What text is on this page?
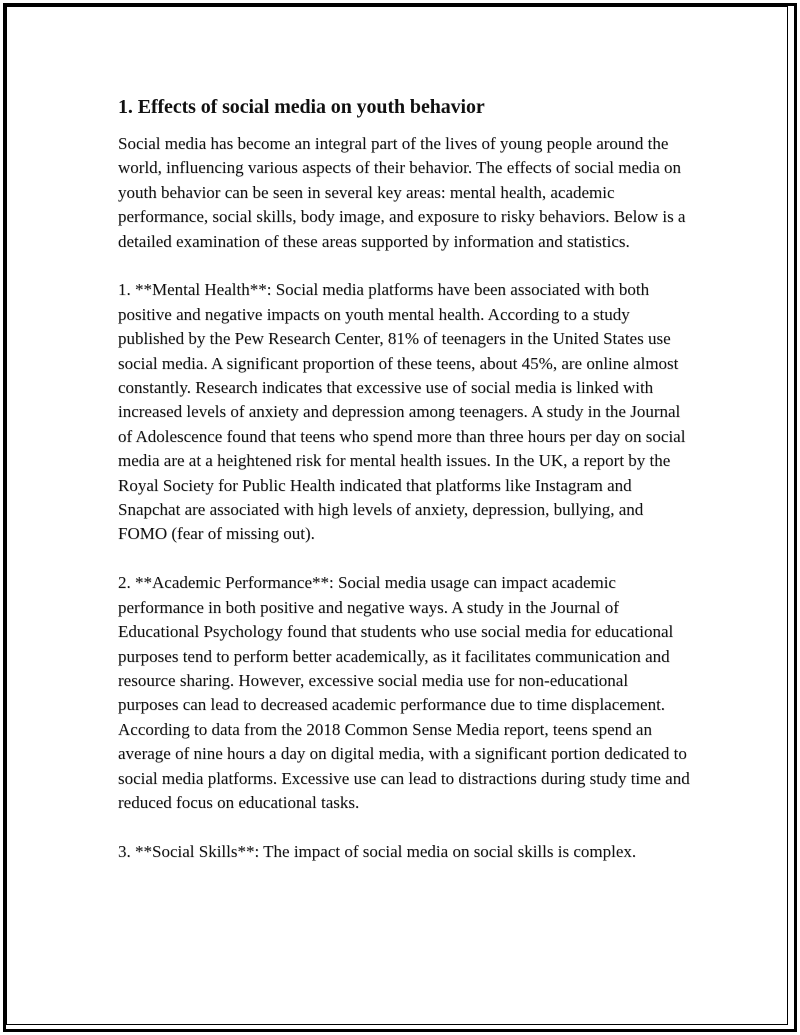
1. Effects of social media on youth behavior

Social media has become an integral part of the lives of young people around the world, influencing various aspects of their behavior. The effects of social media on youth behavior can be seen in several key areas: mental health, academic performance, social skills, body image, and exposure to risky behaviors. Below is a detailed examination of these areas supported by information and statistics.

1. **Mental Health**: Social media platforms have been associated with both positive and negative impacts on youth mental health. According to a study published by the Pew Research Center, 81% of teenagers in the United States use social media. A significant proportion of these teens, about 45%, are online almost constantly. Research indicates that excessive use of social media is linked with increased levels of anxiety and depression among teenagers. A study in the Journal of Adolescence found that teens who spend more than three hours per day on social media are at a heightened risk for mental health issues. In the UK, a report by the Royal Society for Public Health indicated that platforms like Instagram and Snapchat are associated with high levels of anxiety, depression, bullying, and FOMO (fear of missing out).

2. **Academic Performance**: Social media usage can impact academic performance in both positive and negative ways. A study in the Journal of Educational Psychology found that students who use social media for educational purposes tend to perform better academically, as it facilitates communication and resource sharing. However, excessive social media use for non-educational purposes can lead to decreased academic performance due to time displacement. According to data from the 2018 Common Sense Media report, teens spend an average of nine hours a day on digital media, with a significant portion dedicated to social media platforms. Excessive use can lead to distractions during study time and reduced focus on educational tasks.

3. **Social Skills**: The impact of social media on social skills is complex.
